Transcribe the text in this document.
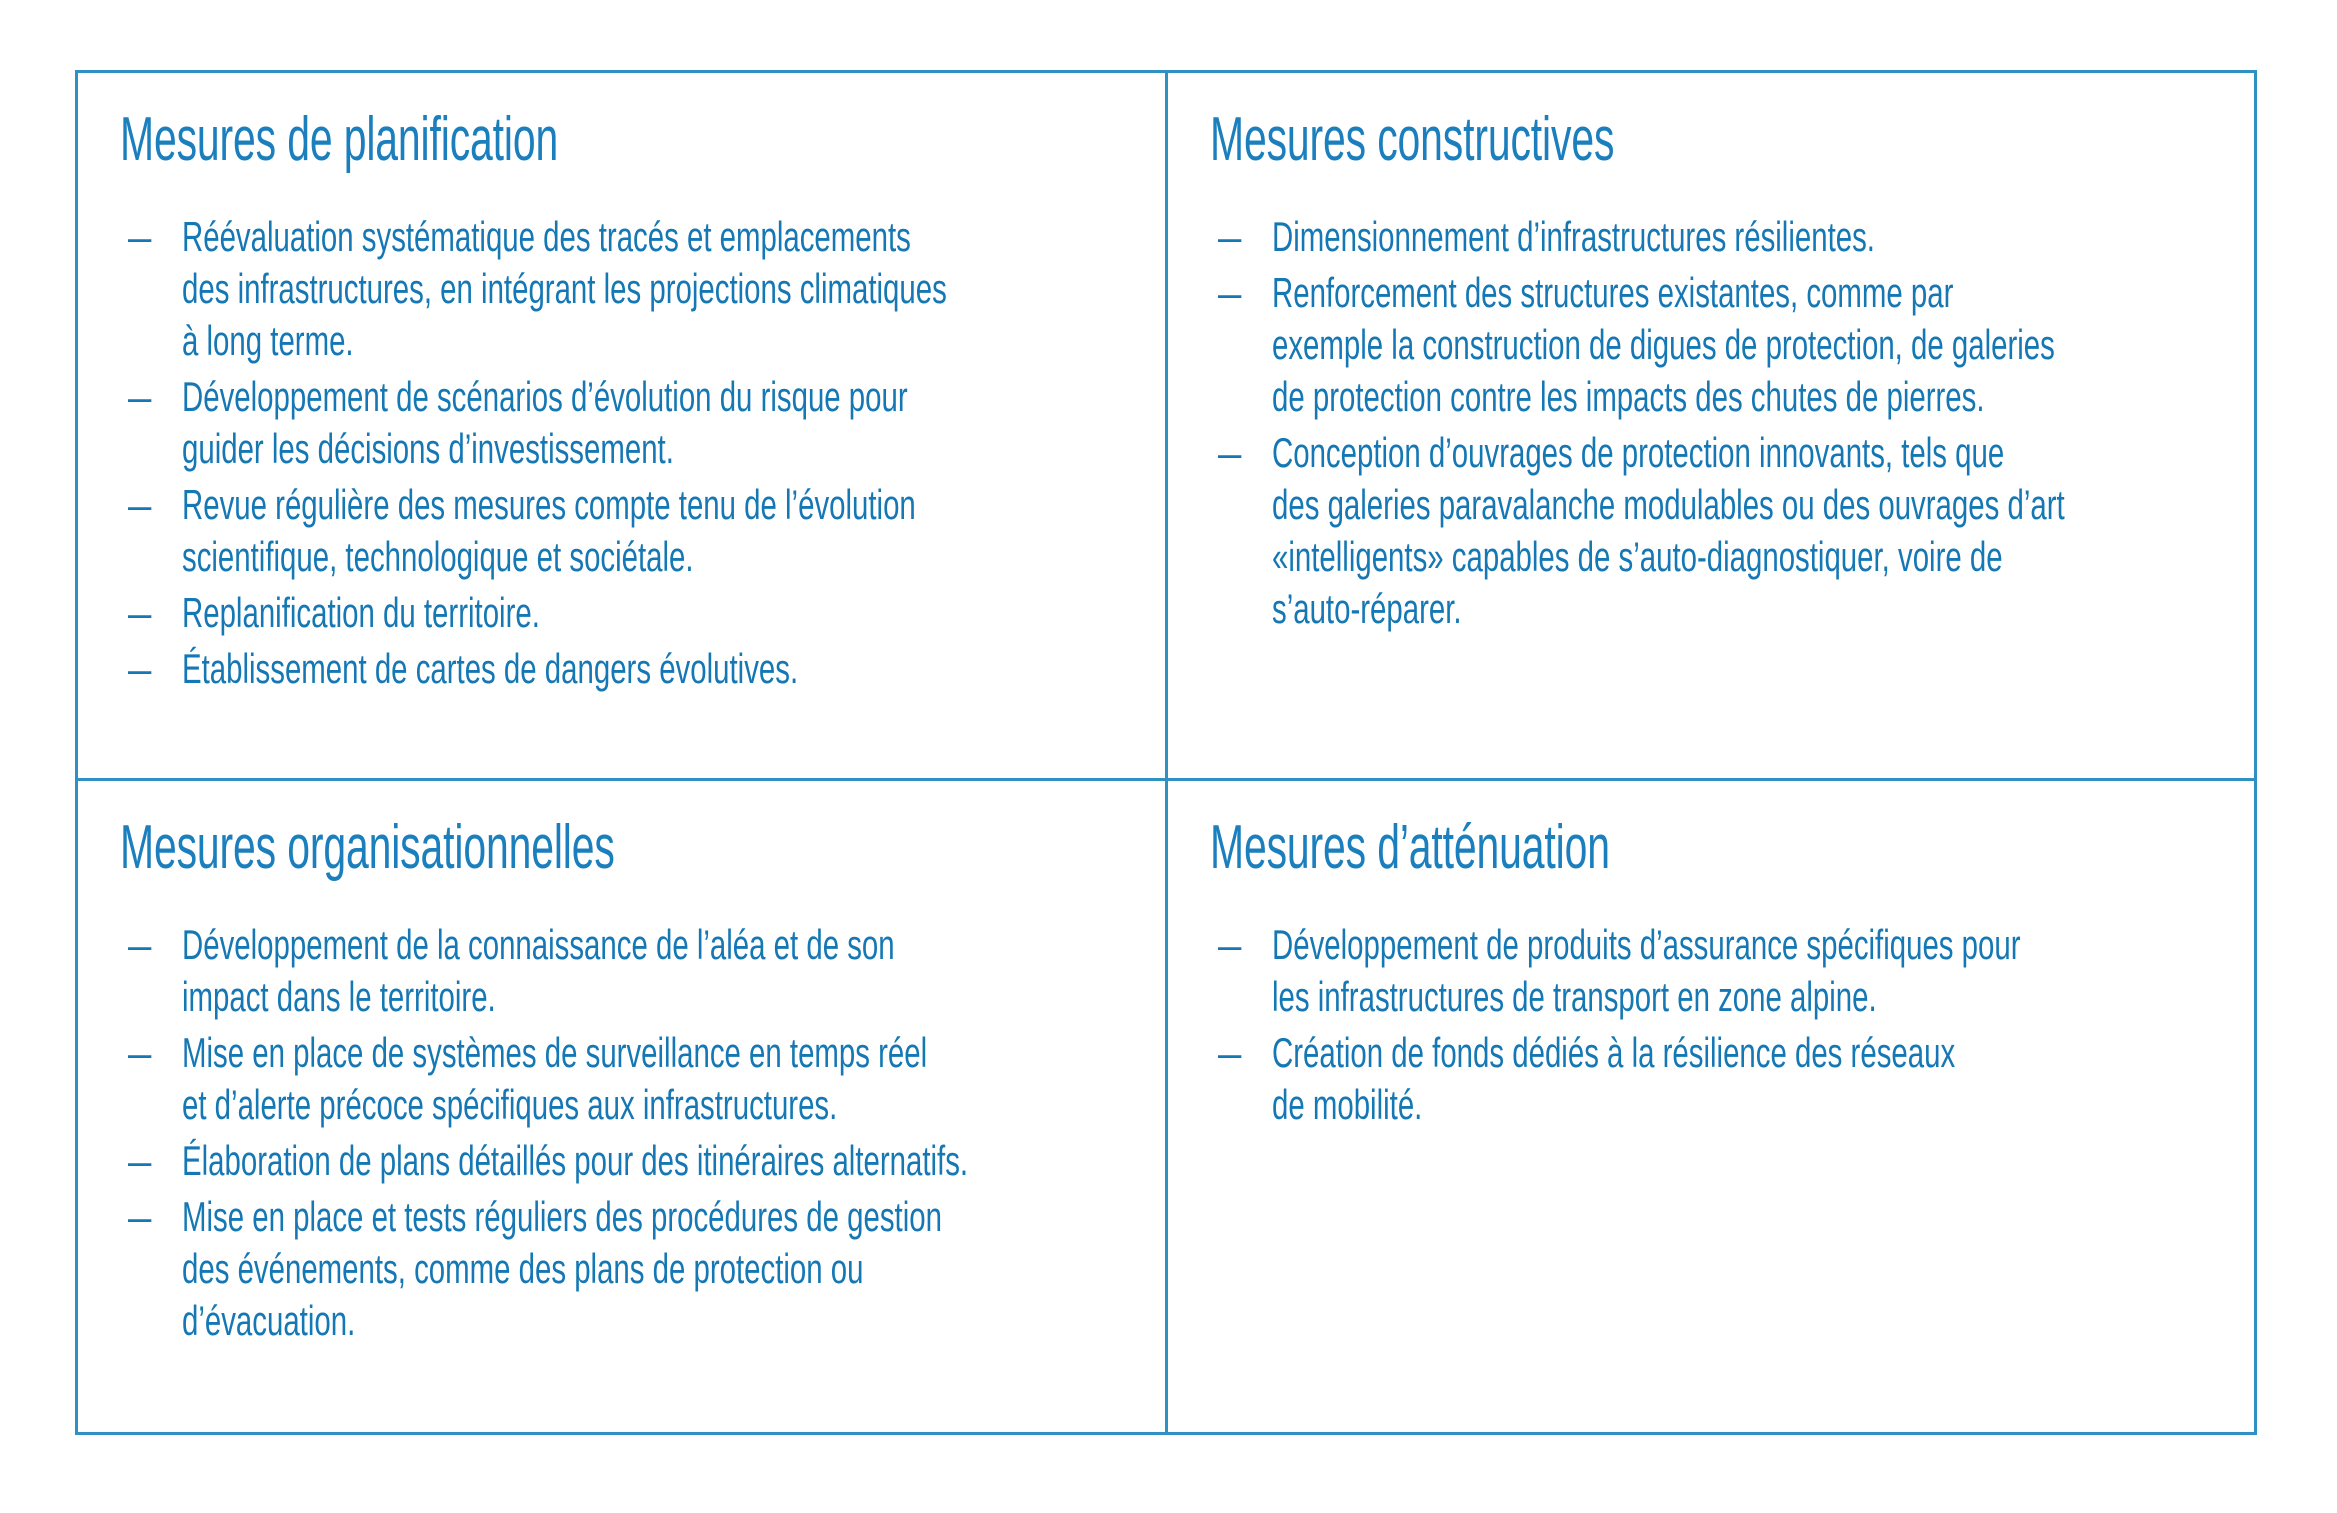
Mesures de planification
– Réévaluation systématique des tracés et emplacements
des infrastructures, en intégrant les projections climatiques
à long terme.
– Développement de scénarios d’évolution du risque pour
guider les décisions d’investissement.
– Revue régulière des mesures compte tenu de l’évolution
scientifique, technologique et sociétale.
– Replanification du territoire.
– Établissement de cartes de dangers évolutives.
Mesures constructives
– Dimensionnement d’infrastructures résilientes.
– Renforcement des structures existantes, comme par
exemple la construction de digues de protection, de galeries
de protection contre les impacts des chutes de pierres.
– Conception d’ouvrages de protection innovants, tels que
des galeries paravalanche modulables ou des ouvrages d’art
«intelligents» capables de s’auto-diagnostiquer, voire de
s’auto-réparer.
Mesures organisationnelles
– Développement de la connaissance de l’aléa et de son
impact dans le territoire.
– Mise en place de systèmes de surveillance en temps réel
et d’alerte précoce spécifiques aux infrastructures.
– Élaboration de plans détaillés pour des itinéraires alternatifs.
– Mise en place et tests réguliers des procédures de gestion
des événements, comme des plans de protection ou
d’évacuation.
Mesures d’atténuation
– Développement de produits d’assurance spécifiques pour
les infrastructures de transport en zone alpine.
– Création de fonds dédiés à la résilience des réseaux
de mobilité.
